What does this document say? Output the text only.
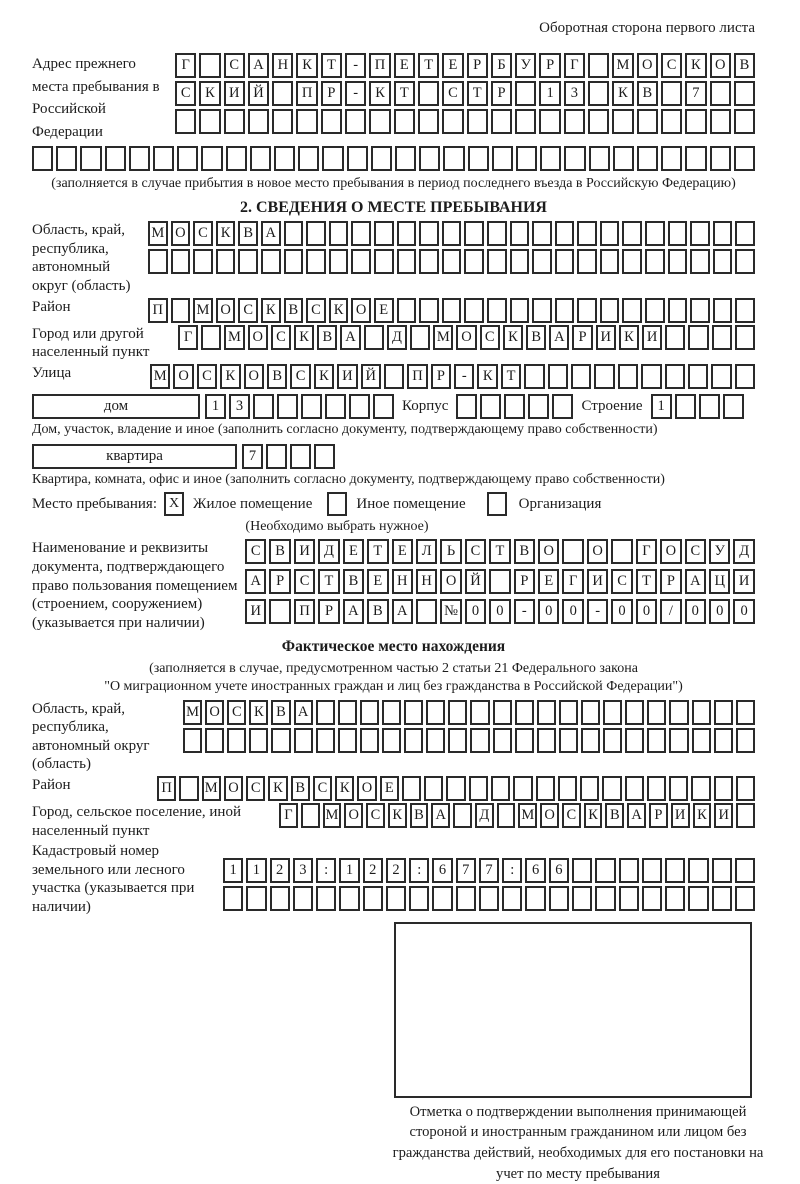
Оборотная сторона первого листа
Адрес прежнего места пребывания в Российской Федерации
Г	С А Н К	Т	-	П	Е	Т	Е	Р	Б	У	Р	Г	М О С	К О В
С	К И Й	П	Р	-	К	Т	С	Т	Р	1	3	К	В	7
(заполняется в случае прибытия в новое место пребывания в период последнего въезда в Российскую Федерацию)
2. СВЕДЕНИЯ О МЕСТЕ ПРЕБЫВАНИЯ
Область, край, республика, автономный округ (область)
М О С К В А
Район	П	М О С К В С К О Е
Город или другой населенный пункт
Г	М О С К В А	Д	М О С К В А Р И К И
Улица	М О С К О В С К И Й	П Р	-	К Т
дом	1	3	Корпус	Строение	1
Дом, участок, владение и иное (заполнить согласно документу, подтверждающему право собственности)
квартира	7
Квартира, комната, офис и иное (заполнить согласно документу, подтверждающему право собственности)
Место пребывания: X Жилое помещение	Иное помещение	Организация
(Необходимо выбрать нужное)
Наименование и реквизиты документа, подтверждающего право пользования помещением (строением, сооружением) (указывается при наличии)
С	В И Д	Е	Т	Е	Л	Ь	С	Т	В О	О	Г	О С У Д
А	Р	С	Т	В	Е	Н Н О Й	Р	Е	Г	И С	Т	Р	А Ц И
И	П	Р	А В А	№ 0	0	-	0	0	-	0	0	/	0	0	0
Фактическое место нахождения
(заполняется в случае, предусмотренном частью 2 статьи 21 Федерального закона
"О миграционном учете иностранных граждан и лиц без гражданства в Российской Федерации")
Область, край, республика, автономный округ (область)
М О С К В А
Район	П	М О С К В С К О Е
Город, сельское поселение, иной населенный пункт
Г	М О С К В А	Д	М О С К В А Р И К И
Кадастровый номер земельного или лесного участка (указывается при наличии)
1	1	2	3	:	1	2	2	:	6	7	7	:	6	6
Отметка о подтверждении выполнения принимающей стороной и иностранным гражданином или лицом без гражданства действий, необходимых для его постановки на учет по месту пребывания
